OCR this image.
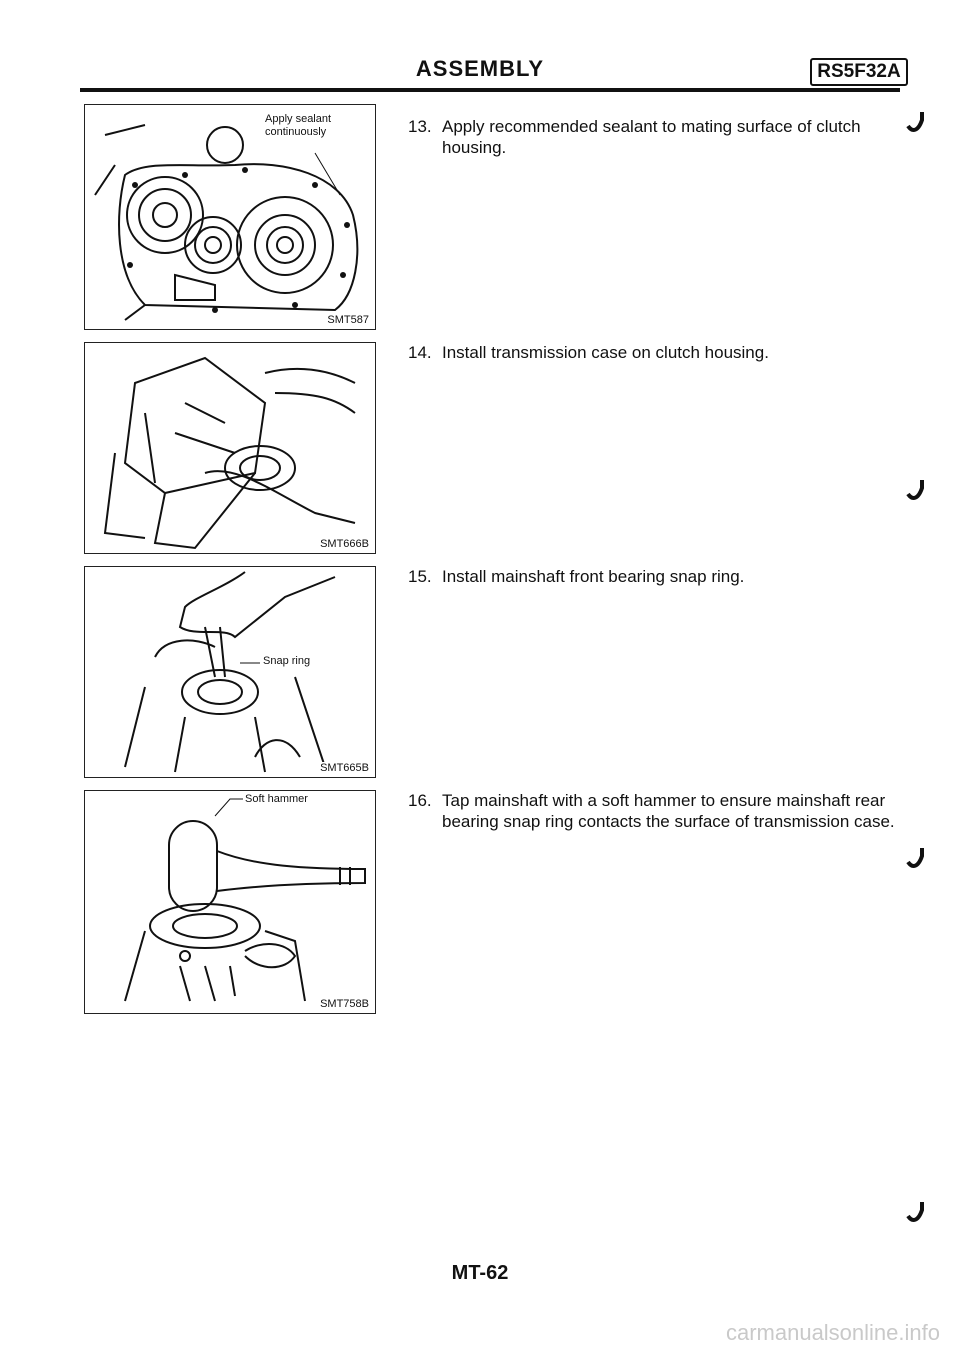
ASSEMBLY	RS5F32A
Apply sealant continuously
SMT587
SMT666B
Snap ring
SMT665B
Soft hammer
SMT758B
13. Apply recommended sealant to mating surface of clutch
housing.
14. Install transmission case on clutch housing.
15. Install mainshaft front bearing snap ring.
16. Tap mainshaft with a soft hammer to ensure mainshaft rear
bearing snap ring contacts the surface of transmission case.
MT-62
carmanualsonline.info
